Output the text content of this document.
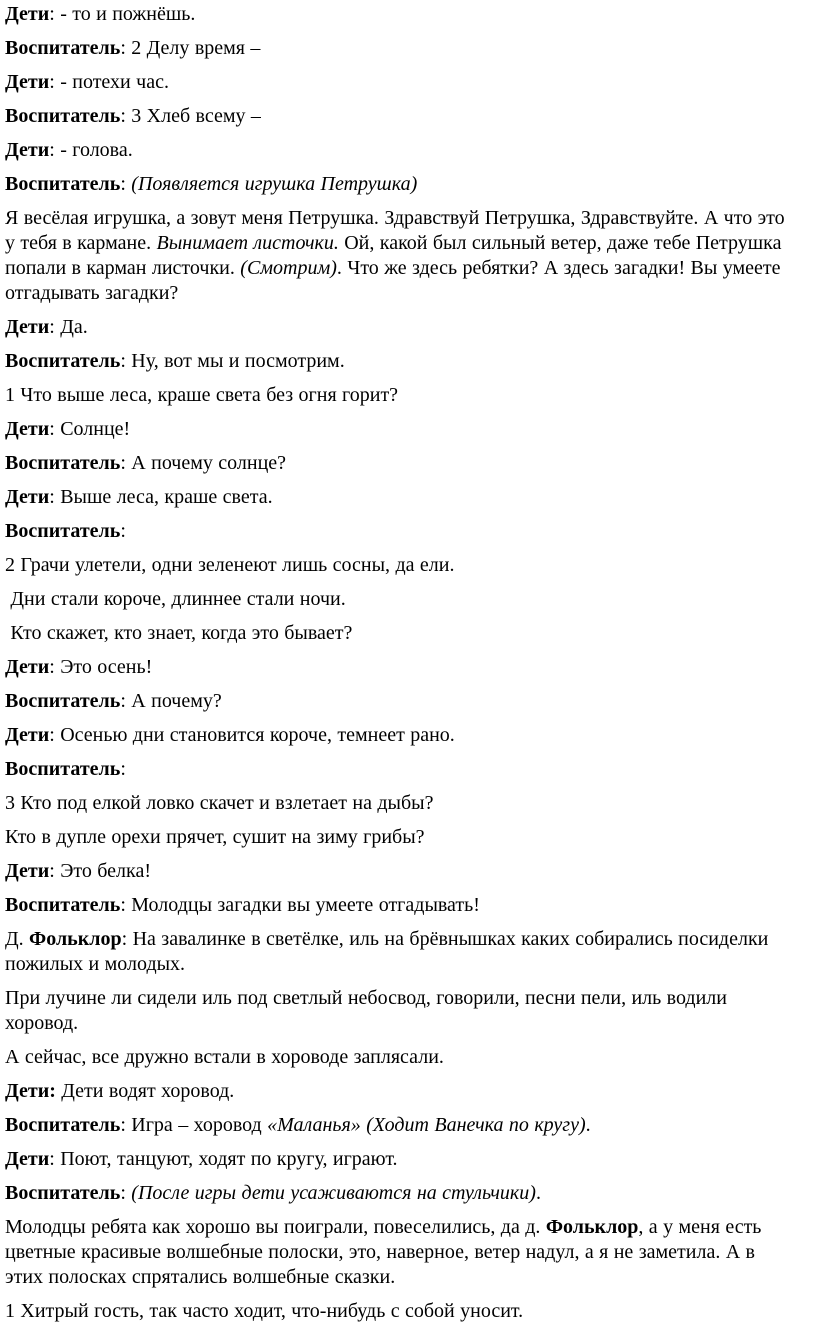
Дети: - то и пожнёшь.

Воспитатель: 2 Делу время –

Дети: - потехи час.

Воспитатель: 3 Хлеб всему –

Дети: - голова.

Воспитатель: (Появляется игрушка Петрушка)

Я весёлая игрушка, а зовут меня Петрушка. Здравствуй Петрушка, Здравствуйте. А что это у тебя в кармане. Вынимает листочки. Ой, какой был сильный ветер, даже тебе Петрушка попали в карман листочки. (Смотрим). Что же здесь ребятки? А здесь загадки! Вы умеете отгадывать загадки?

Дети: Да.

Воспитатель: Ну, вот мы и посмотрим.

1 Что выше леса, краше света без огня горит?

Дети: Солнце!

Воспитатель: А почему солнце?

Дети: Выше леса, краше света.

Воспитатель:

2 Грачи улетели, одни зеленеют лишь сосны, да ели.

Дни стали короче, длиннее стали ночи.

Кто скажет, кто знает, когда это бывает?

Дети: Это осень!

Воспитатель: А почему?

Дети: Осенью дни становится короче, темнеет рано.

Воспитатель:

3 Кто под елкой ловко скачет и взлетает на дыбы?

Кто в дупле орехи прячет, сушит на зиму грибы?

Дети: Это белка!

Воспитатель: Молодцы загадки вы умеете отгадывать!

Д. Фольклор: На завалинке в светёлке, иль на брёвнышках каких собирались посиделки пожилых и молодых.

При лучине ли сидели иль под светлый небосвод, говорили, песни пели, иль водили хоровод.

А сейчас, все дружно встали в хороводе заплясали.

Дети: Дети водят хоровод.

Воспитатель: Игра – хоровод «Маланья» (Ходит Ванечка по кругу).

Дети: Поют, танцуют, ходят по кругу, играют.

Воспитатель: (После игры дети усаживаются на стульчики).

Молодцы ребята как хорошо вы поиграли, повеселились, да д. Фольклор, а у меня есть цветные красивые волшебные полоски, это, наверное, ветер надул, а я не заметила. А в этих полосках спрятались волшебные сказки.

1 Хитрый гость, так часто ходит, что-нибудь с собой уносит.
